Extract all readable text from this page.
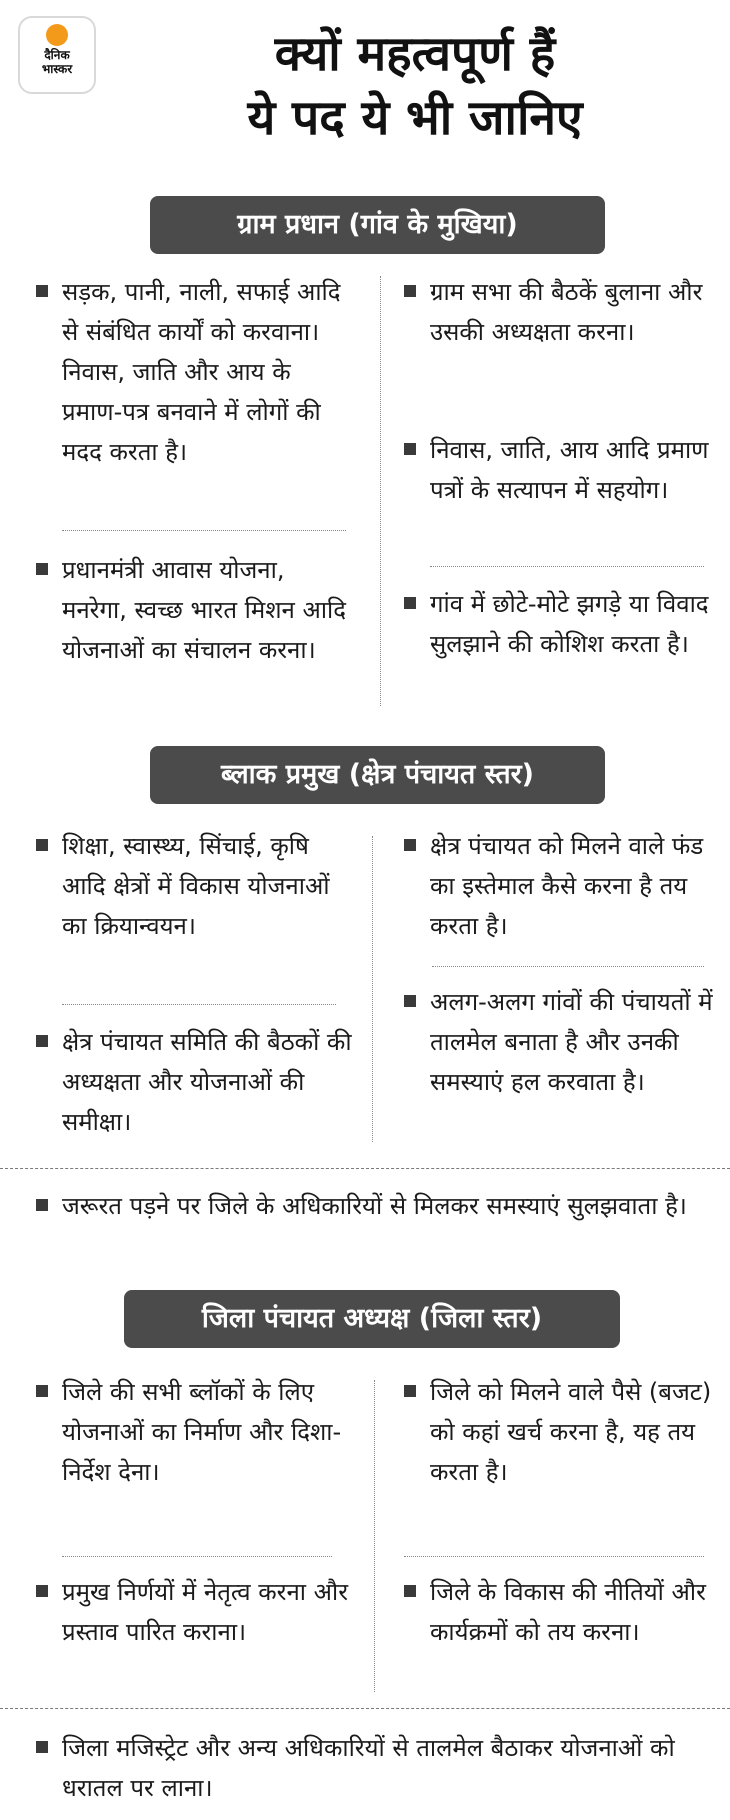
दैनिक
भास्कर	क्यों महत्वपूर्ण हैं
ये पद ये भी जानिए
ग्राम प्रधान (गांव के मुखिया)
सड़क, पानी, नाली, सफाई आदि से संबंधित कार्यों को करवाना। निवास, जाति और आय के प्रमाण-पत्र बनवाने में लोगों की मदद करता है।
प्रधानमंत्री आवास योजना, मनरेगा, स्वच्छ भारत मिशन आदि योजनाओं का संचालन करना।
ग्राम सभा की बैठकें बुलाना और उसकी अध्यक्षता करना।
निवास, जाति, आय आदि प्रमाण पत्रों के सत्यापन में सहयोग।
गांव में छोटे-मोटे झगड़े या विवाद सुलझाने की कोशिश करता है।
ब्लाक प्रमुख (क्षेत्र पंचायत स्तर)
शिक्षा, स्वास्थ्य, सिंचाई, कृषि आदि क्षेत्रों में विकास योजनाओं का क्रियान्वयन।
क्षेत्र पंचायत समिति की बैठकों की अध्यक्षता और योजनाओं की समीक्षा।
क्षेत्र पंचायत को मिलने वाले फंड का इस्तेमाल कैसे करना है तय करता है।
अलग-अलग गांवों की पंचायतों में तालमेल बनाता है और उनकी समस्याएं हल करवाता है।
जरूरत पड़ने पर जिले के अधिकारियों से मिलकर समस्याएं सुलझवाता है।
जिला पंचायत अध्यक्ष (जिला स्तर)
जिले की सभी ब्लॉकों के लिए योजनाओं का निर्माण और दिशा-निर्देश देना।
प्रमुख निर्णयों में नेतृत्व करना और प्रस्ताव पारित कराना।
जिले को मिलने वाले पैसे (बजट) को कहां खर्च करना है, यह तय करता है।
जिले के विकास की नीतियों और कार्यक्रमों को तय करना।
जिला मजिस्ट्रेट और अन्य अधिकारियों से तालमेल बैठाकर योजनाओं को धरातल पर लाना।
